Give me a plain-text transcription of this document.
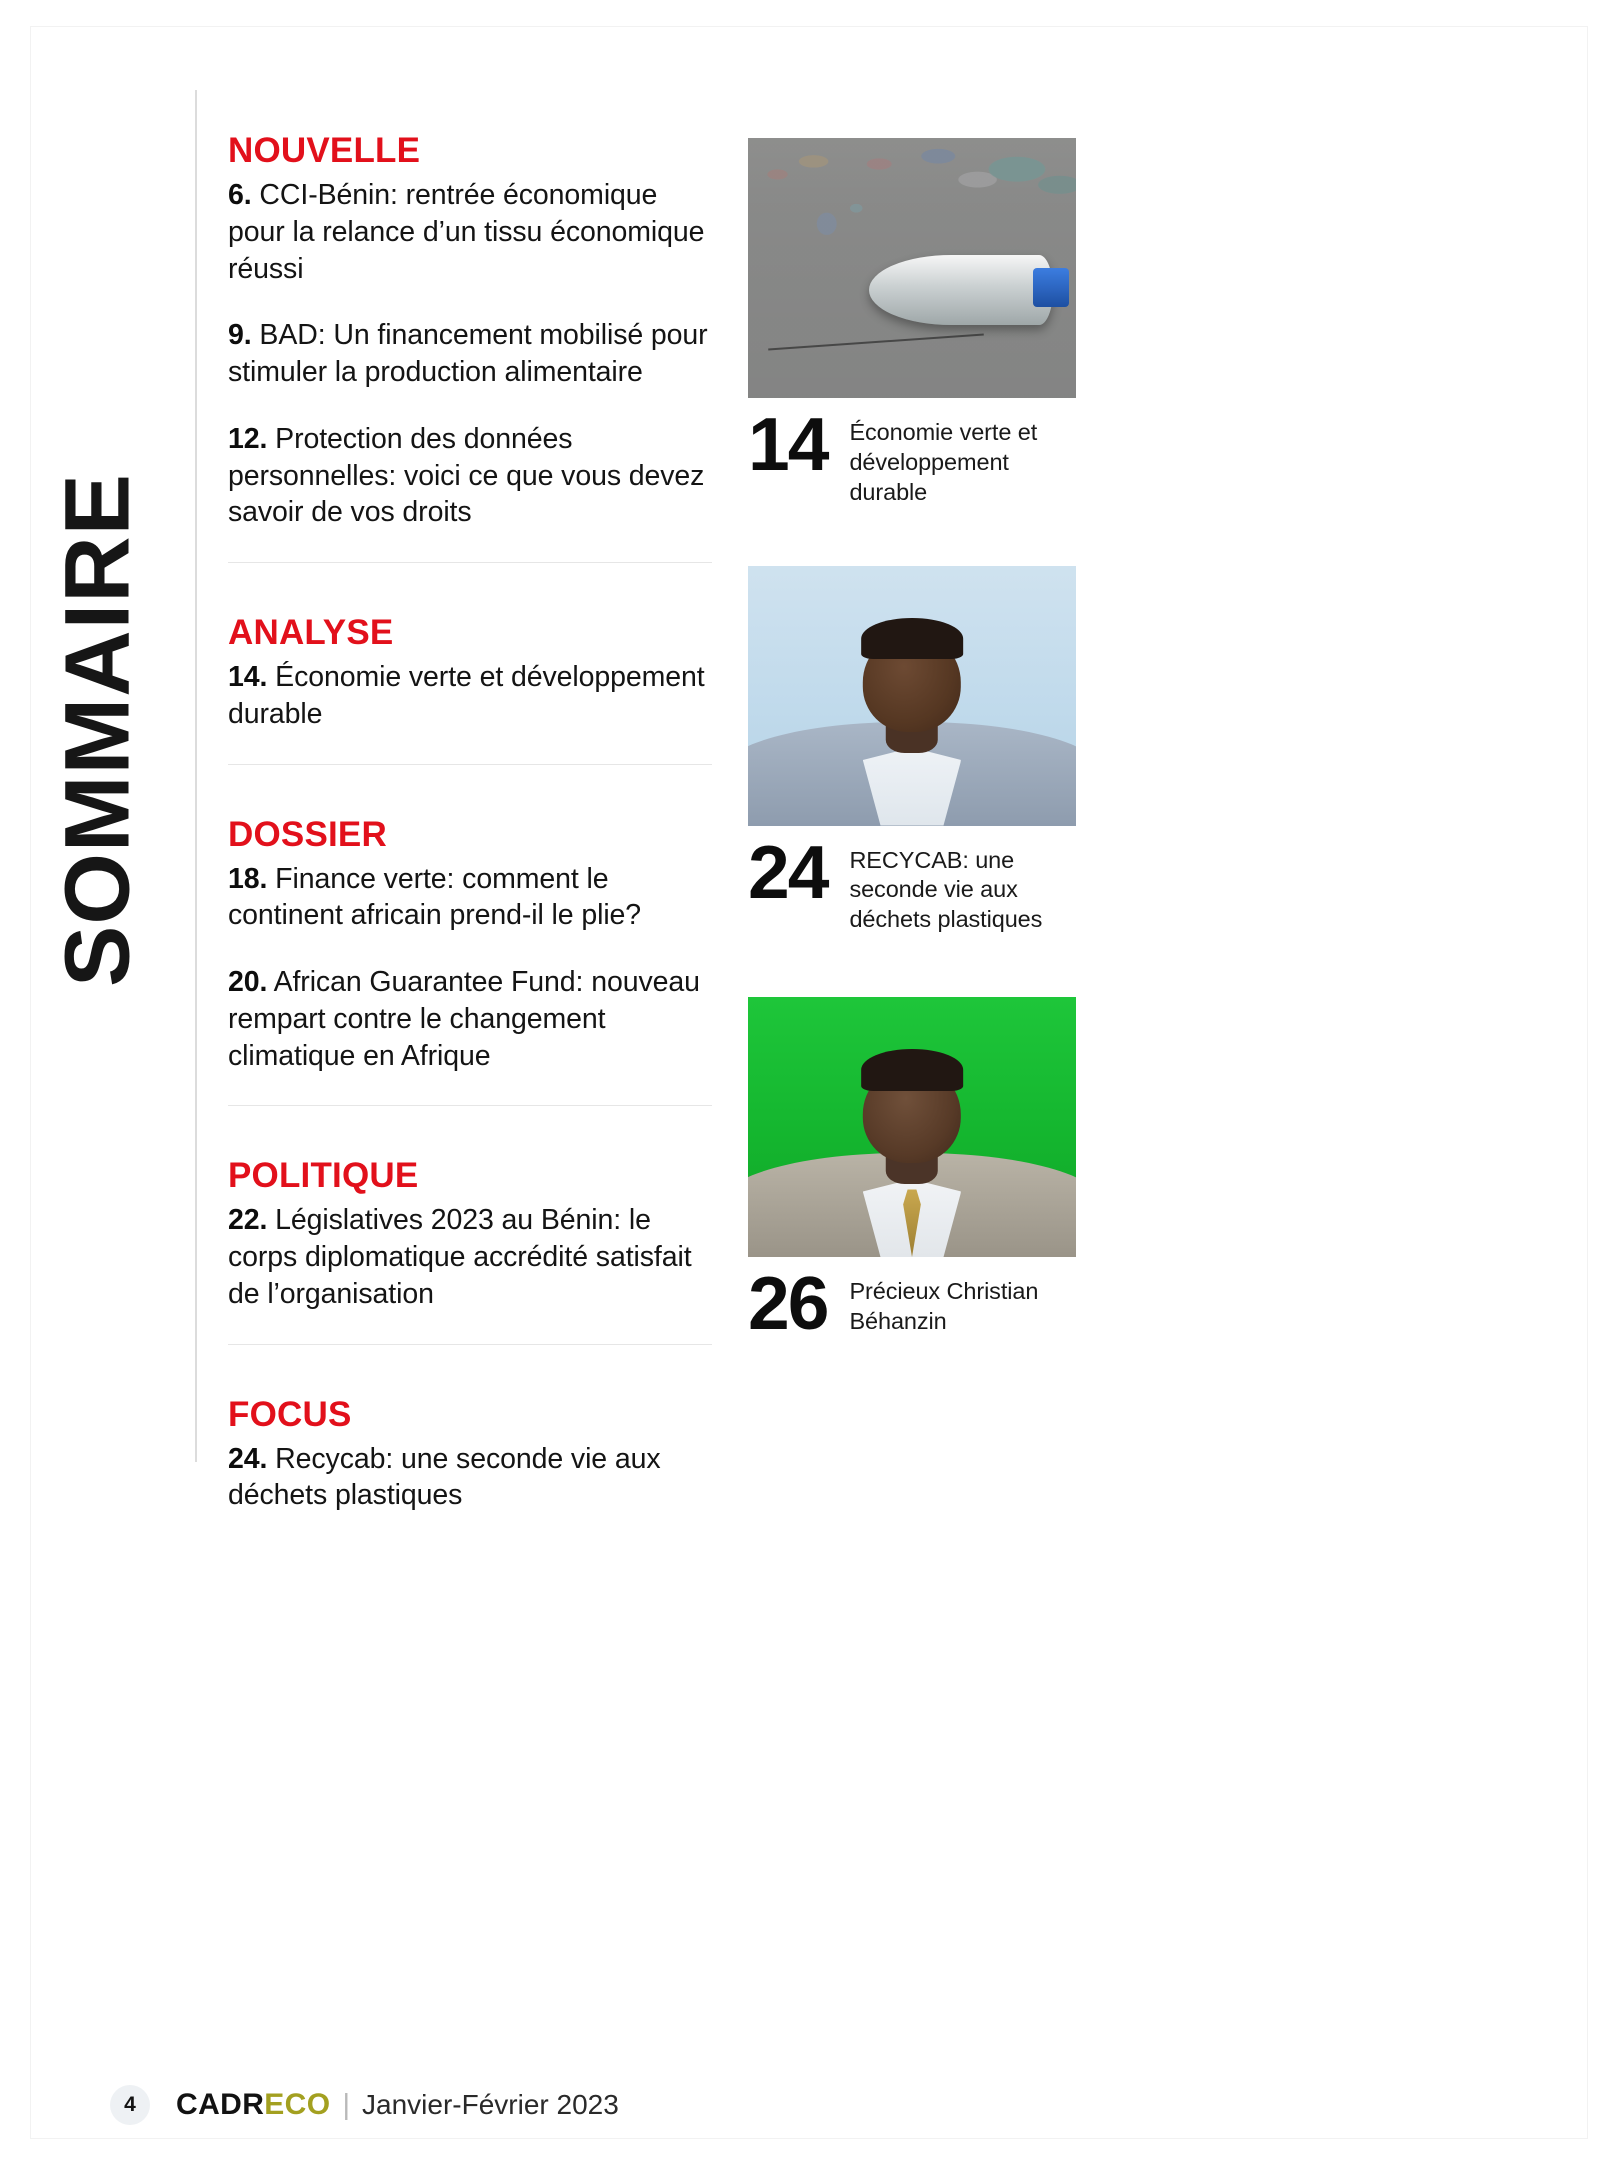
SOMMAIRE
NOUVELLE

6. CCI-Bénin: rentrée économique pour la relance d’un tissu économique réussi

9. BAD: Un financement mobilisé pour stimuler la production alimentaire

12. Protection des données personnelles: voici ce que vous devez savoir de vos droits

ANALYSE

14. Économie verte et développement durable

DOSSIER

18. Finance verte: comment le continent africain prend-il le plie?

20. African Guarantee Fund: nouveau rempart contre le changement climatique en Afrique

POLITIQUE

22. Législatives 2023 au Bénin: le corps diplomatique accrédité satisfait de l’organisation

FOCUS

24. Recycab: une seconde vie aux déchets plastiques

14 Économie verte et développement durable
24 RECYCAB: une seconde vie aux déchets plastiques
26 Précieux Christian Béhanzin
4	CADRECO | Janvier-Février 2023
